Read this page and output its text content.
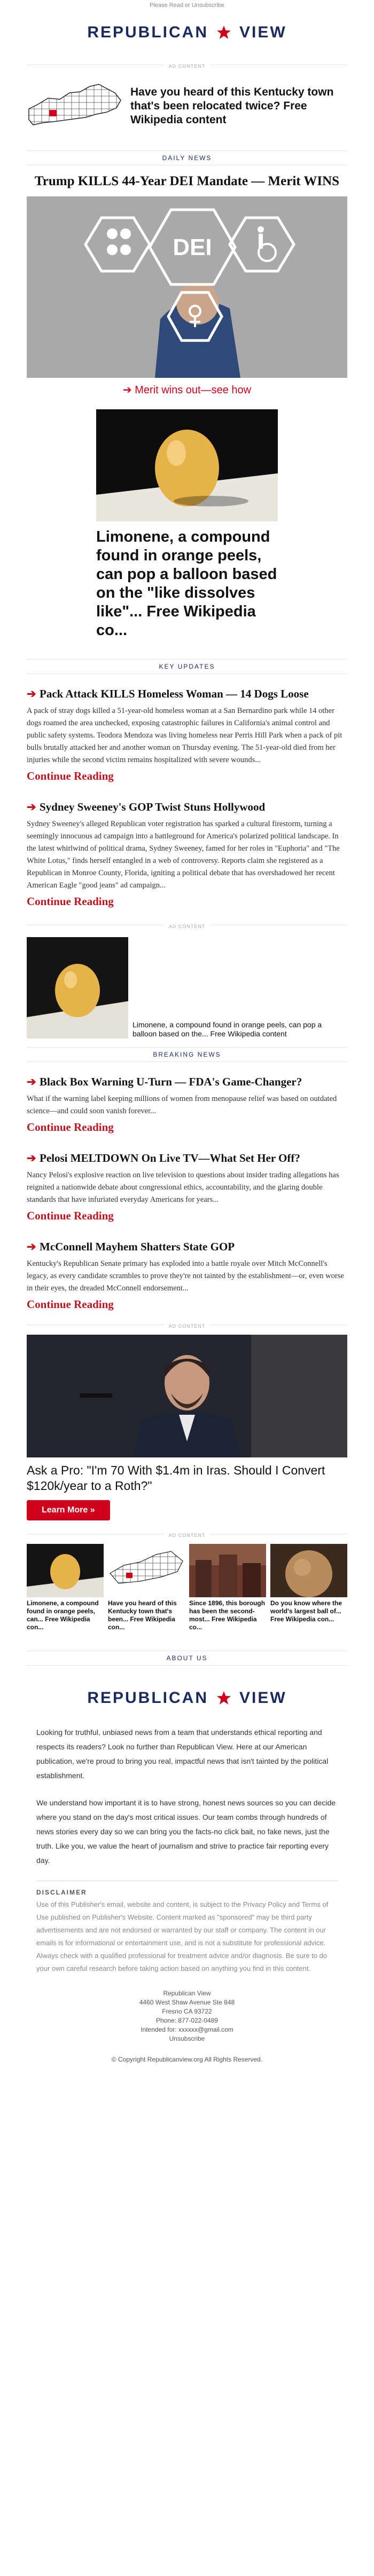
Please Read or Unsubscribe
REPUBLICAN VIEW
AD CONTENT
Have you heard of this Kentucky town that's been relocated twice? Free Wikipedia content
DAILY NEWS
Trump KILLS 44-Year DEI Mandate — Merit WINS
DEI
➔ Merit wins out—see how
Limonene, a compound found in orange peels, can pop a balloon based on the "like dissolves like"... Free Wikipedia co...
KEY UPDATES
➔ Pack Attack KILLS Homeless Woman — 14 Dogs Loose

A pack of stray dogs killed a 51-year-old homeless woman at a San Bernardino park while 14 other dogs roamed the area unchecked, exposing catastrophic failures in California's animal control and public safety systems. Teodora Mendoza was living homeless near Perris Hill Park when a pack of pit bulls brutally attacked her and another woman on Thursday evening. The 51-year-old died from her injuries while the second victim remains hospitalized with severe wounds...

Continue Reading
➔ Sydney Sweeney's GOP Twist Stuns Hollywood

Sydney Sweeney's alleged Republican voter registration has sparked a cultural firestorm, turning a seemingly innocuous ad campaign into a battleground for America's polarized political landscape. In the latest whirlwind of political drama, Sydney Sweeney, famed for her roles in "Euphoria" and "The White Lotus," finds herself entangled in a web of controversy. Reports claim she registered as a Republican in Monroe County, Florida, igniting a political debate that has overshadowed her recent American Eagle "good jeans" ad campaign...

Continue Reading
AD CONTENT
Limonene, a compound found in orange peels, can pop a balloon based on the... Free Wikipedia content
BREAKING NEWS
➔ Black Box Warning U-Turn — FDA's Game-Changer?

What if the warning label keeping millions of women from menopause relief was based on outdated science—and could soon vanish forever...

Continue Reading
➔ Pelosi MELTDOWN On Live TV—What Set Her Off?

Nancy Pelosi's explosive reaction on live television to questions about insider trading allegations has reignited a nationwide debate about congressional ethics, accountability, and the glaring double standards that have infuriated everyday Americans for years...

Continue Reading
➔ McConnell Mayhem Shatters State GOP

Kentucky's Republican Senate primary has exploded into a battle royale over Mitch McConnell's legacy, as every candidate scrambles to prove they're not tainted by the establishment—or, even worse in their eyes, the dreaded McConnell endorsement...

Continue Reading
AD CONTENT
Ask a Pro: "I'm 70 With $1.4m in Iras. Should I Convert $120k/year to a Roth?"
Learn More »
AD CONTENT
Limonene, a compound found in orange peels, can... Free Wikipedia con...
Have you heard of this Kentucky town that's been... Free Wikipedia con...
Since 1896, this borough has been the second-most... Free Wikipedia co...
Do you know where the world's largest ball of... Free Wikipedia con...
ABOUT US
REPUBLICAN VIEW

Looking for truthful, unbiased news from a team that understands ethical reporting and respects its readers? Look no further than Republican View. Here at our American publication, we're proud to bring you real, impactful news that isn't tainted by the political establishment.

We understand how important it is to have strong, honest news sources so you can decide where you stand on the day's most critical issues. Our team combs through hundreds of news stories every day so we can bring you the facts-no click bait, no fake news, just the truth. Like you, we value the heart of journalism and strive to practice fair reporting every day.

DISCLAIMER

Use of this Publisher's email, website and content, is subject to the Privacy Policy and Terms of Use published on Publisher's Website. Content marked as "sponsored" may be third party advertisements and are not endorsed or warranted by our staff or company. The content in our emails is for informational or entertainment use, and is not a substitute for professional advice. Always check with a qualified professional for treatment advice and/or diagnosis. Be sure to do your own careful research before taking action based on anything you find in this content.

Republican View
4460 West Shaw Avenue Ste 848
Fresno CA 93722
Phone: 877-022-0489
Intended for: xxxxxx@gmail.com
Unsubscribe
© Copyright Republicanview.org All Rights Reserved.
